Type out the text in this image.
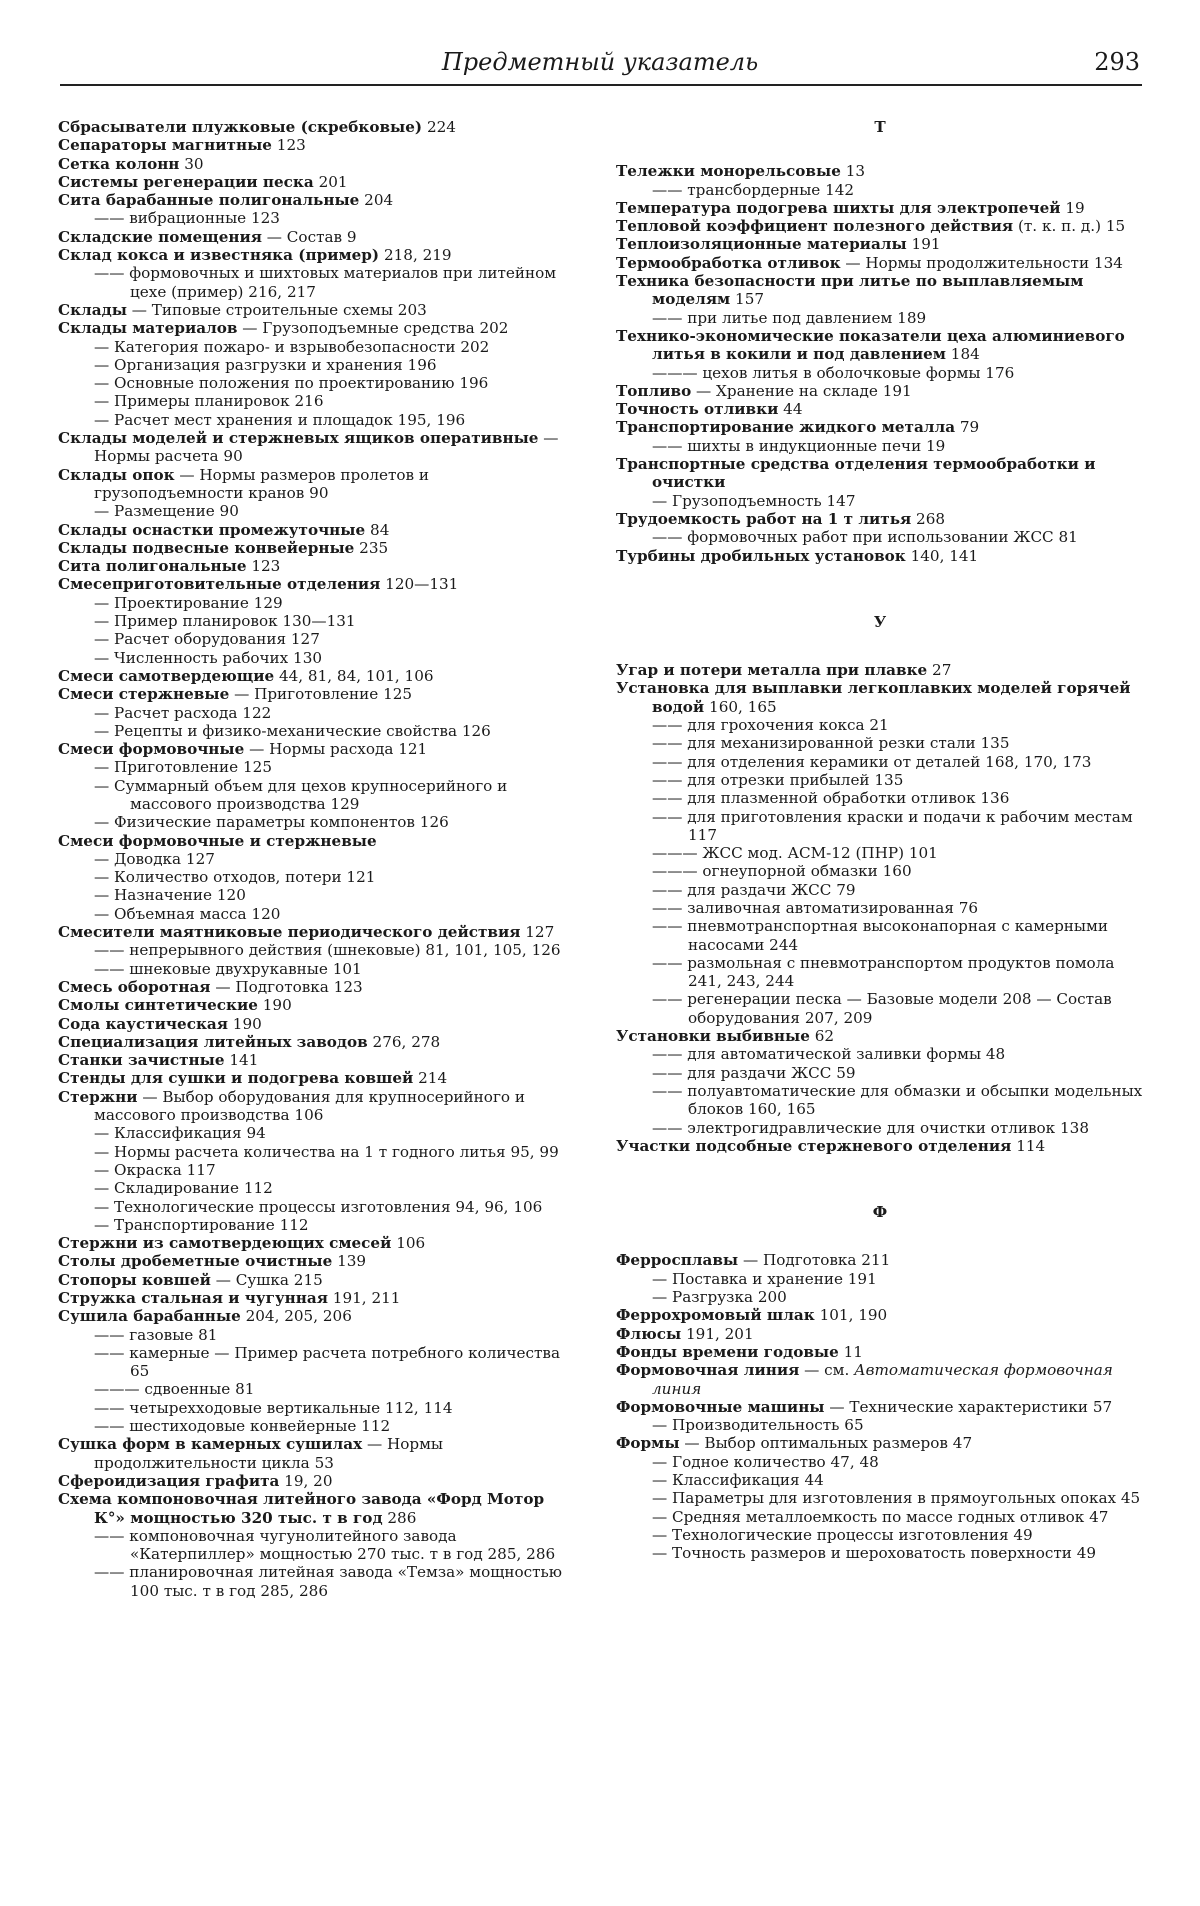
Предметный указатель	293

Сбрасыватели плужковые (скребковые) 224

Сепараторы магнитные 123

Сетка колонн 30

Системы регенерации песка 201

Сита барабанные полигональные 204

—— вибрационные 123

Складские помещения — Состав 9

Склад кокса и известняка (пример) 218, 219

—— формовочных и шихтовых материалов при литейном цехе (пример) 216, 217

Склады — Типовые строительные схемы 203

Склады материалов — Грузоподъемные средства 202

— Категория пожаро- и взрывобезопасности 202

— Организация разгрузки и хранения 196

— Основные положения по проектированию 196

— Примеры планировок 216

— Расчет мест хранения и площадок 195, 196

Склады моделей и стержневых ящиков оперативные — Нормы расчета 90

Склады опок — Нормы размеров пролетов и грузоподъемности кранов 90

— Размещение 90

Склады оснастки промежуточные 84

Склады подвесные конвейерные 235

Сита полигональные 123

Смесеприготовительные отделения 120—131

— Проектирование 129

— Пример планировок 130—131

— Расчет оборудования 127

— Численность рабочих 130

Смеси самотвердеющие 44, 81, 84, 101, 106

Смеси стержневые — Приготовление 125

— Расчет расхода 122

— Рецепты и физико-механические свойства 126

Смеси формовочные — Нормы расхода 121

— Приготовление 125

— Суммарный объем для цехов крупносерийного и массового производства 129

— Физические параметры компонентов 126

Смеси формовочные и стержневые

— Доводка 127

— Количество отходов, потери 121

— Назначение 120

— Объемная масса 120

Смесители маятниковые периодического действия 127

—— непрерывного действия (шнековые) 81, 101, 105, 126

—— шнековые двухрукавные 101

Смесь оборотная — Подготовка 123

Смолы синтетические 190

Сода каустическая 190

Специализация литейных заводов 276, 278

Станки зачистные 141

Стенды для сушки и подогрева ковшей 214

Стержни — Выбор оборудования для крупносерийного и массового производства 106

— Классификация 94

— Нормы расчета количества на 1 т годного литья 95, 99

— Окраска 117

— Складирование 112

— Технологические процессы изготовления 94, 96, 106

— Транспортирование 112

Стержни из самотвердеющих смесей 106

Столы дробеметные очистные 139

Стопоры ковшей — Сушка 215

Стружка стальная и чугунная 191, 211

Сушила барабанные 204, 205, 206

—— газовые 81

—— камерные — Пример расчета потребного количества 65

——— сдвоенные 81

—— четырехходовые вертикальные 112, 114

—— шестиходовые конвейерные 112

Сушка форм в камерных сушилах — Нормы продолжительности цикла 53

Сфероидизация графита 19, 20

Схема компоновочная литейного завода «Форд Мотор К°» мощностью 320 тыс. т в год 286

—— компоновочная чугунолитейного завода «Катерпиллер» мощностью 270 тыс. т в год 285, 286

—— планировочная литейная завода «Темза» мощностью 100 тыс. т в год 285, 286

Т

Тележки монорельсовые 13

—— трансбордерные 142

Температура подогрева шихты для электропечей 19

Тепловой коэффициент полезного действия (т. к. п. д.) 15

Теплоизоляционные материалы 191

Термообработка отливок — Нормы продолжительности 134

Техника безопасности при литье по выплавляемым моделям 157

—— при литье под давлением 189

Технико-экономические показатели цеха алюминиевого литья в кокили и под давлением 184

——— цехов литья в оболочковые формы 176

Топливо — Хранение на складе 191

Точность отливки 44

Транспортирование жидкого металла 79

—— шихты в индукционные печи 19

Транспортные средства отделения термообработки и очистки

— Грузоподъемность 147

Трудоемкость работ на 1 т литья 268

—— формовочных работ при использовании ЖСС 81

Турбины дробильных установок 140, 141

У

Угар и потери металла при плавке 27

Установка для выплавки легкоплавких моделей горячей водой 160, 165

—— для грохочения кокса 21

—— для механизированной резки стали 135

—— для отделения керамики от деталей 168, 170, 173

—— для отрезки прибылей 135

—— для плазменной обработки отливок 136

—— для приготовления краски и подачи к рабочим местам 117

——— ЖСС мод. АСМ-12 (ПНР) 101

——— огнеупорной обмазки 160

—— для раздачи ЖСС 79

—— заливочная автоматизированная 76

—— пневмотранспортная высоконапорная с камерными насосами 244

—— размольная с пневмотранспортом продуктов помола 241, 243, 244

—— регенерации песка — Базовые модели 208 — Состав оборудования 207, 209

Установки выбивные 62

—— для автоматической заливки формы 48

—— для раздачи ЖСС 59

—— полуавтоматические для обмазки и обсыпки модельных блоков 160, 165

—— электрогидравлические для очистки отливок 138

Участки подсобные стержневого отделения 114

Ф

Ферросплавы — Подготовка 211

— Поставка и хранение 191

— Разгрузка 200

Феррохромовый шлак 101, 190

Флюсы 191, 201

Фонды времени годовые 11

Формовочная линия — см. Автоматическая формовочная линия

Формовочные машины — Технические характеристики 57

— Производительность 65

Формы — Выбор оптимальных размеров 47

— Годное количество 47, 48

— Классификация 44

— Параметры для изготовления в прямоугольных опоках 45

— Средняя металлоемкость по массе годных отливок 47

— Технологические процессы изготовления 49

— Точность размеров и шероховатость поверхности 49
